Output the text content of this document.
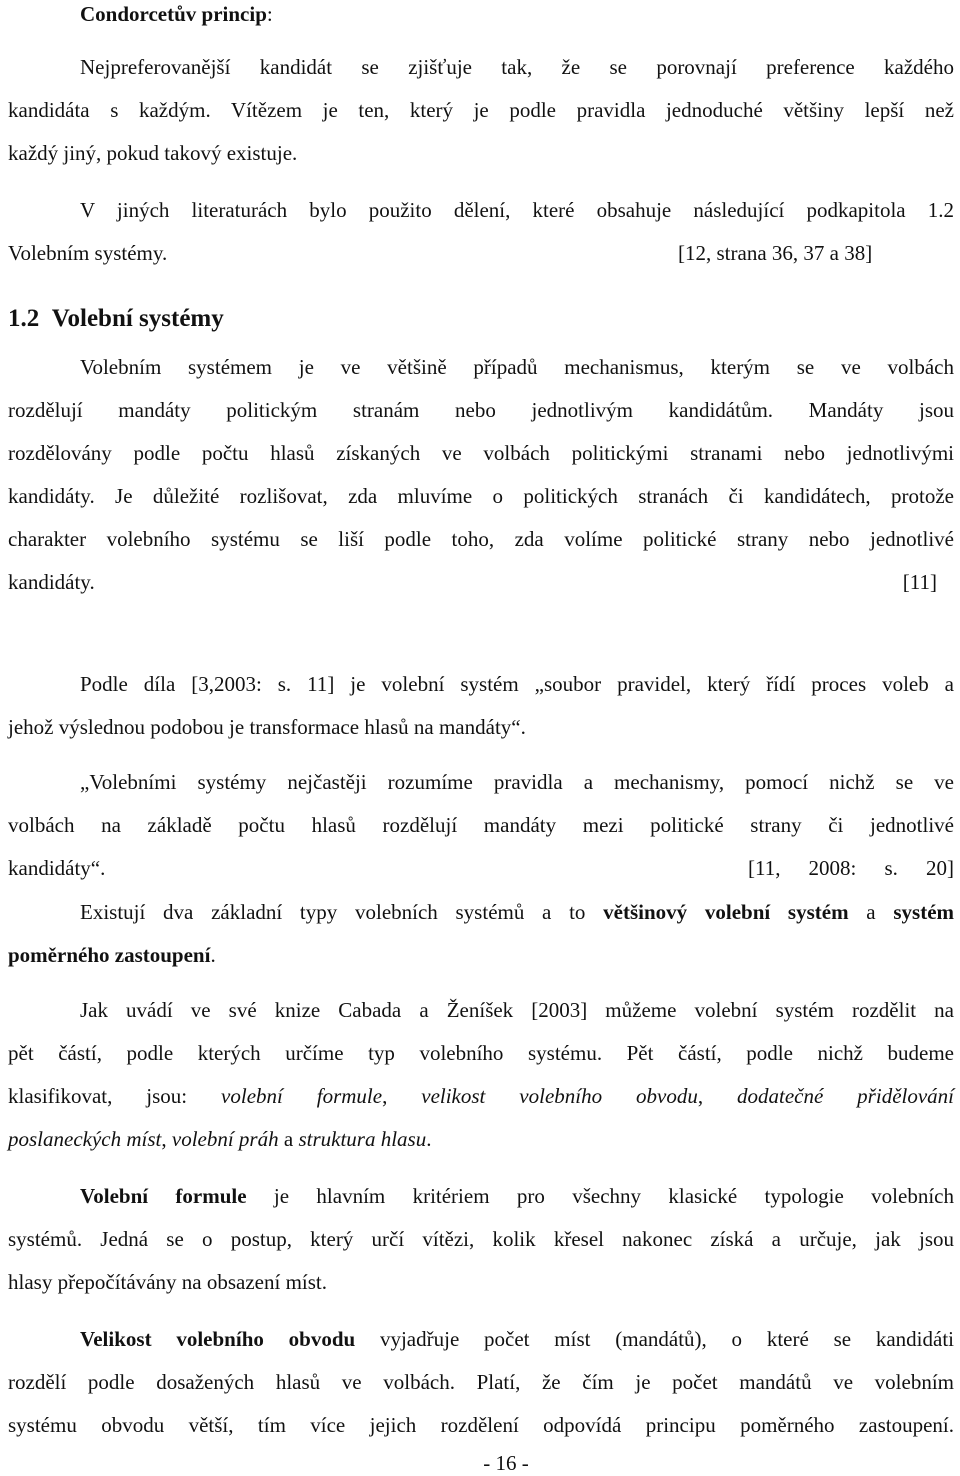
Condorcetův princip:
Nejpreferovanější kandidát se zjišťuje tak, že se porovnají preference každého
kandidáta s každým. Vítězem je ten, který je podle pravidla jednoduché většiny lepší než
každý jiný, pokud takový existuje.
V jiných literaturách bylo použito dělení, které obsahuje následující podkapitola 1.2
Volebním systémy.	[12, strana 36, 37 a 38]
1.2 Volební systémy
Volebním systémem je ve většině případů mechanismus, kterým se ve volbách
rozdělují mandáty politickým stranám nebo jednotlivým kandidátům. Mandáty jsou
rozdělovány podle počtu hlasů získaných ve volbách politickými stranami nebo jednotlivými
kandidáty. Je důležité rozlišovat, zda mluvíme o politických stranách či kandidátech, protože
charakter volebního systému se liší podle toho, zda volíme politické strany nebo jednotlivé
kandidáty.	[11]
Podle díla [3,2003: s. 11] je volební systém „soubor pravidel, který řídí proces voleb a
jehož výslednou podobou je transformace hlasů na mandáty“.
„Volebními systémy nejčastěji rozumíme pravidla a mechanismy, pomocí nichž se ve
volbách na základě počtu hlasů rozdělují mandáty mezi politické strany či jednotlivé
kandidáty“.	[11, 2008: s. 20]
Existují dva základní typy volebních systémů a to většinový volební systém a systém
poměrného zastoupení.
Jak uvádí ve své knize Cabada a Ženíšek [2003] můžeme volební systém rozdělit na
pět částí, podle kterých určíme typ volebního systému. Pět částí, podle nichž budeme
klasifikovat, jsou: volební formule, velikost volebního obvodu, dodatečné přidělování
poslaneckých míst, volební práh a struktura hlasu.
Volební formule je hlavním kritériem pro všechny klasické typologie volebních
systémů. Jedná se o postup, který určí vítězi, kolik křesel nakonec získá a určuje, jak jsou
hlasy přepočítávány na obsazení míst.
Velikost volebního obvodu vyjadřuje počet míst (mandátů), o které se kandidáti
rozdělí podle dosažených hlasů ve volbách. Platí, že čím je počet mandátů ve volebním
systému obvodu větší, tím více jejich rozdělení odpovídá principu poměrného zastoupení.
- 16 -
